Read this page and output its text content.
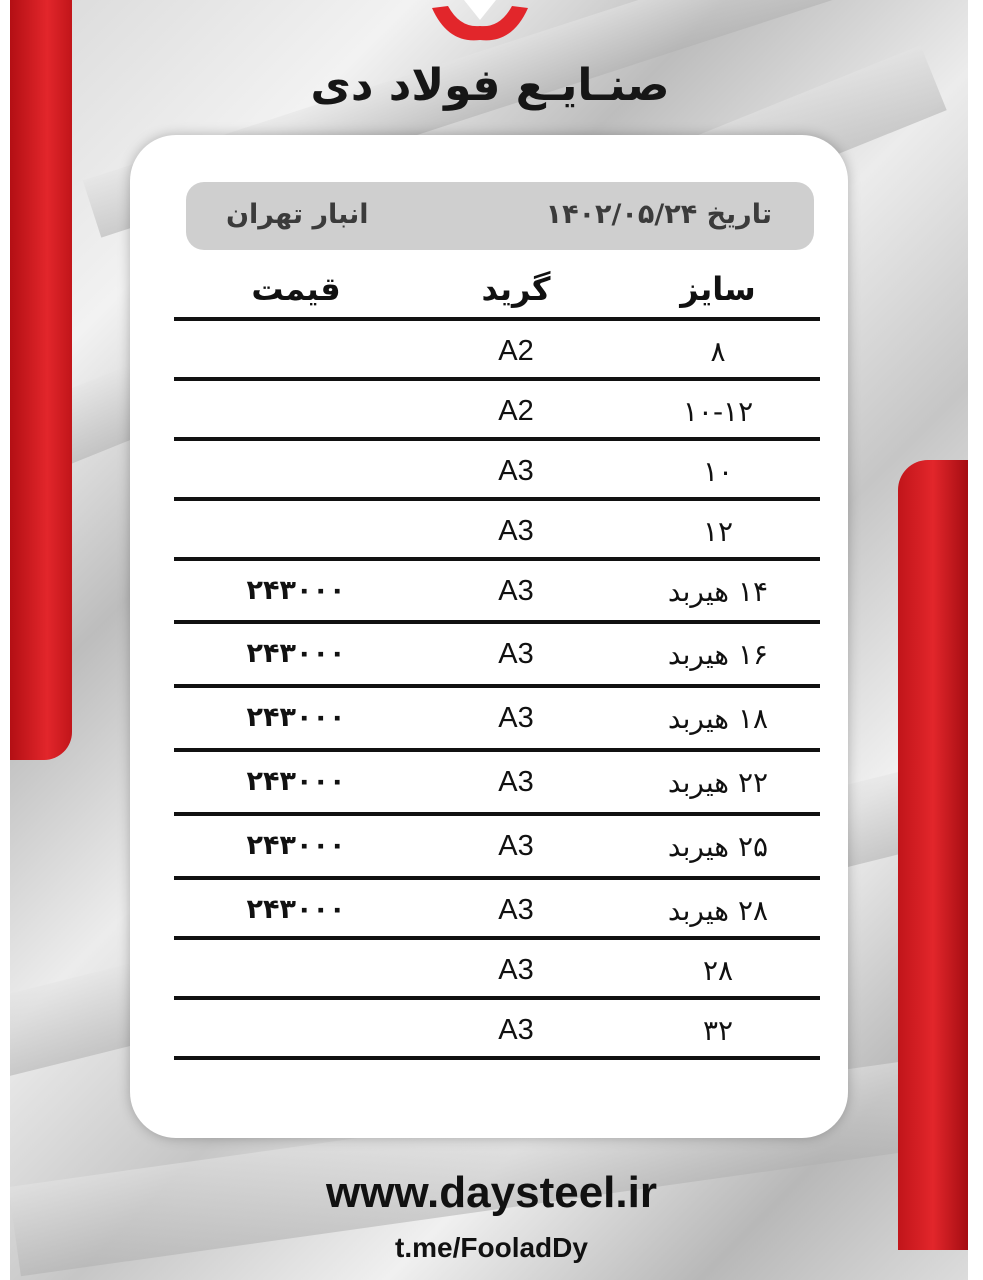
صنـایـع فولاد دی
تاریخ ۱۴۰۲/۰۵/۲۴
انبار تهران
سایز
گرید
قیمت
۸
A2
۱۰-۱۲
A2
۱۰
A3
۱۲
A3
۱۴ هیربد
A3
۲۴۳۰۰۰
۱۶ هیربد
A3
۲۴۳۰۰۰
۱۸ هیربد
A3
۲۴۳۰۰۰
۲۲ هیربد
A3
۲۴۳۰۰۰
۲۵ هیربد
A3
۲۴۳۰۰۰
۲۸ هیربد
A3
۲۴۳۰۰۰
۲۸
A3
۳۲
A3
www.daysteel.ir
t.me/FooladDy
